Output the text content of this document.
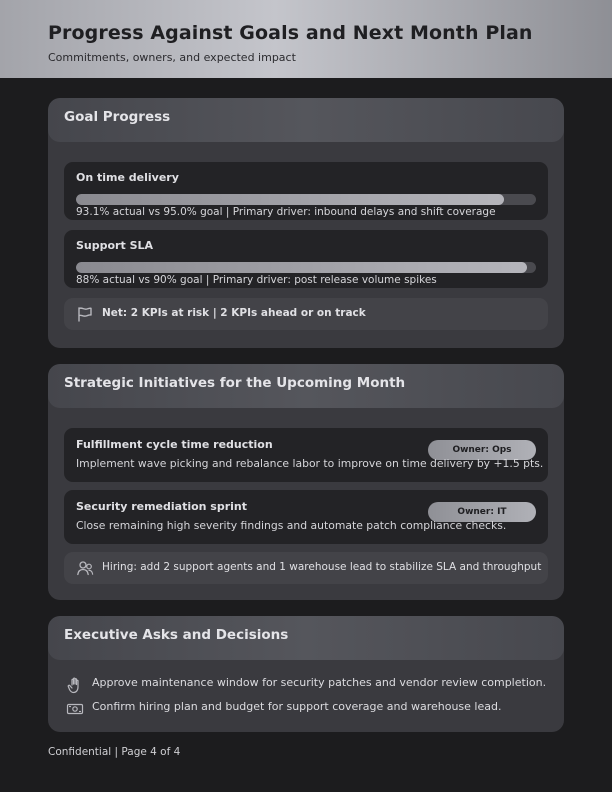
Progress Against Goals and Next Month Plan
Commitments, owners, and expected impact
Goal Progress
On time delivery
93.1% actual vs 95.0% goal | Primary driver: inbound delays and shift coverage
Support SLA
88% actual vs 90% goal | Primary driver: post release volume spikes
Net: 2 KPIs at risk | 2 KPIs ahead or on track
Strategic Initiatives for the Upcoming Month
Fulfillment cycle time reduction	Owner: Ops
Implement wave picking and rebalance labor to improve on time delivery by +1.5 pts.
Security remediation sprint	Owner: IT
Close remaining high severity findings and automate patch compliance checks.
Hiring: add 2 support agents and 1 warehouse lead to stabilize SLA and throughput
Executive Asks and Decisions
Approve maintenance window for security patches and vendor review completion.
Confirm hiring plan and budget for support coverage and warehouse lead.
Confidential | Page 4 of 4
